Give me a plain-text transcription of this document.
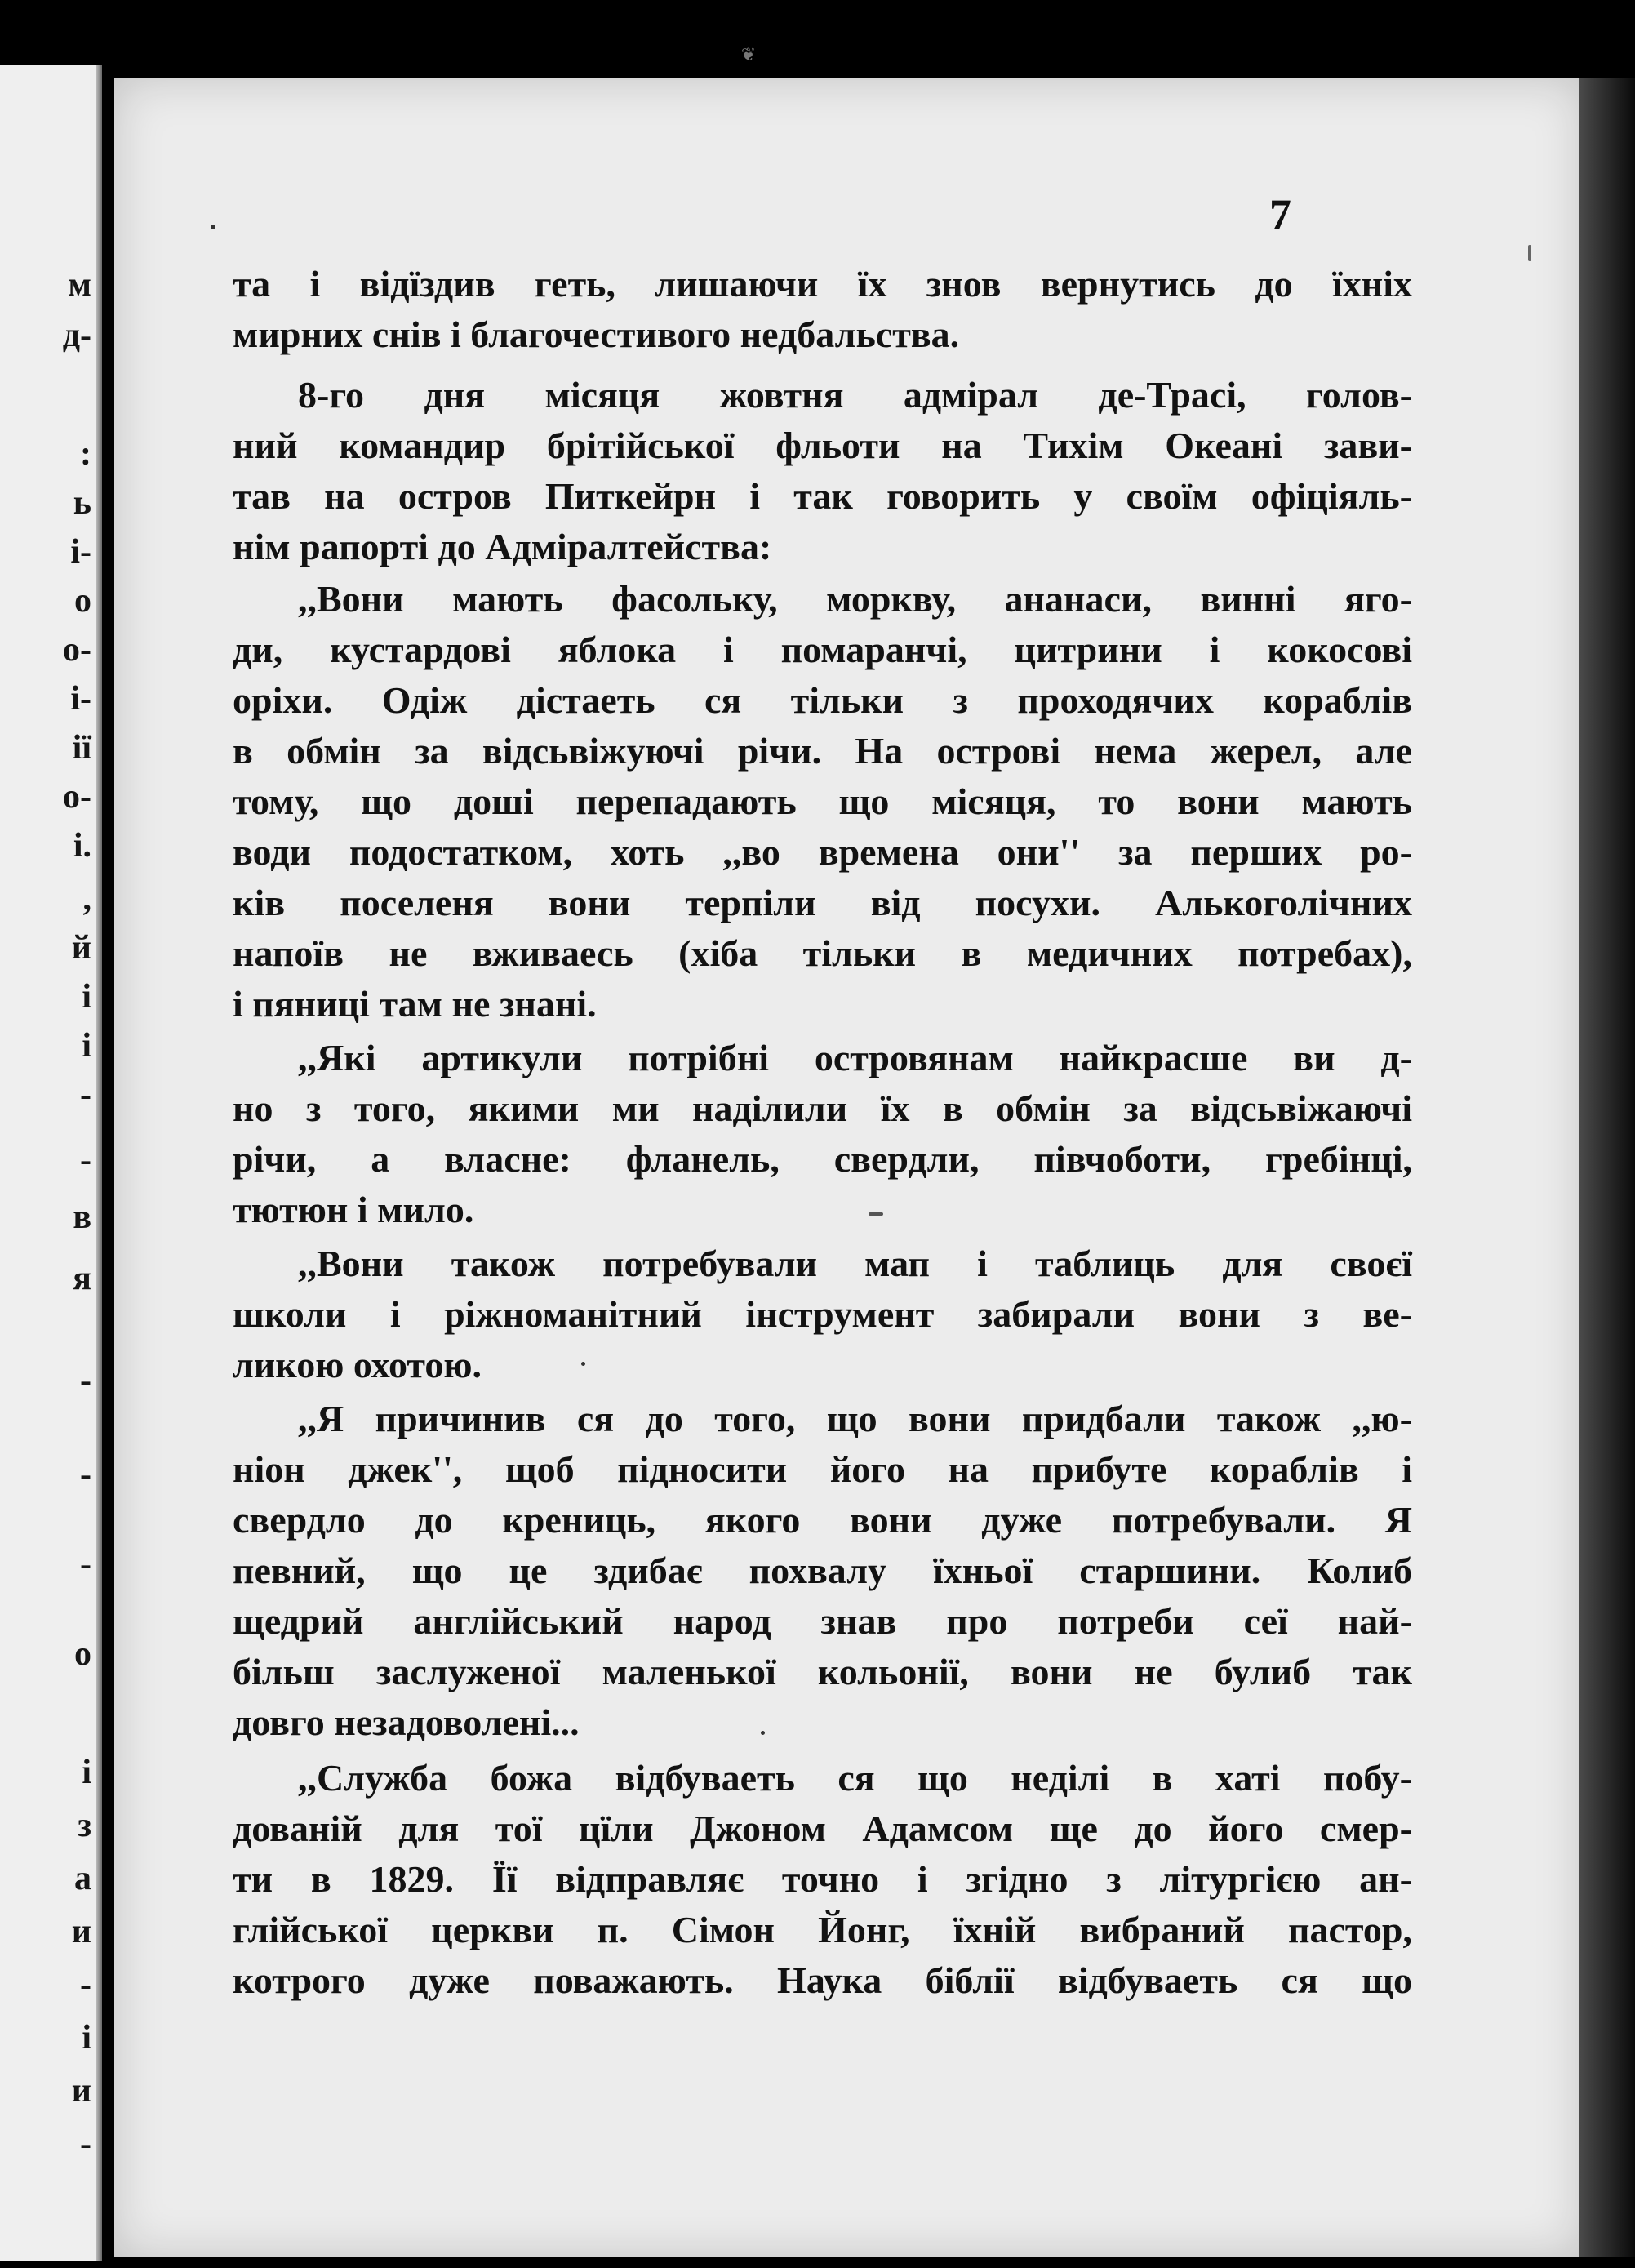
м
д-
:
ь
і-
о
о-
і-
ії
о-
і.
,
й
і
і
-
-
в
я
-
-
-
о
і
з
а
и
-
і
и
-
❦
7
та і відїздив геть, лишаючи їх знов вернутись до їхніх
мирних снів і благочестивого недбальства.
8-го дня місяця жовтня адмірал де-Трасі, голов-
ний командир брітійської фльоти на Тихім Океані зави-
тав на остров Питкейрн і так говорить у своїм офіціяль-
нім рапорті до Адміралтейства:
,,Вони мають фасольку, моркву, ананаси, винні яго-
ди, кустардові яблока і помаранчі, цитрини і кокосові
оріхи. Одіж дістаеть ся тільки з проходячих кораблів
в обмін за відсьвіжуючі річи. На острові нема жерел, але
тому, що доші перепадають що місяця, то вони мають
води подостатком, хоть ,,во времена они'' за перших ро-
ків поселеня вони терпіли від посухи. Алькоголічних
напоїв не вживаесь (хіба тільки в медичних потребах),
і пяниці там не знані.
,,Які артикули потрібні островянам найкрасше ви д-
но з того, якими ми наділили їх в обмін за відсьвіжаючі
річи, а власне: фланель, свердли, півчоботи, гребінці,
тютюн і мило.
,,Вони також потребували мап і таблиць для своєї
школи і ріжноманітний інструмент забирали вони з ве-
ликою охотою.
,,Я причинив ся до того, що вони придбали також ,,ю-
ніон джек'', щоб підносити його на прибуте кораблів і
свердло до крениць, якого вони дуже потребували. Я
певний, що це здибає похвалу їхньої старшини. Колиб
щедрий англійський народ знав про потреби сеї най-
більш заслуженої маленької кольонії, вони не булиб так
довго незадоволені...
,,Служба божа відбуваеть ся що неділі в хаті побу-
дованій для тої цїли Джоном Адамсом ще до його смер-
ти в 1829. Її відправляє точно і згідно з літургією ан-
глійської церкви п. Сімон Йонг, їхній вибраний пастор,
котрого дуже поважають. Наука біблії відбуваеть ся що
